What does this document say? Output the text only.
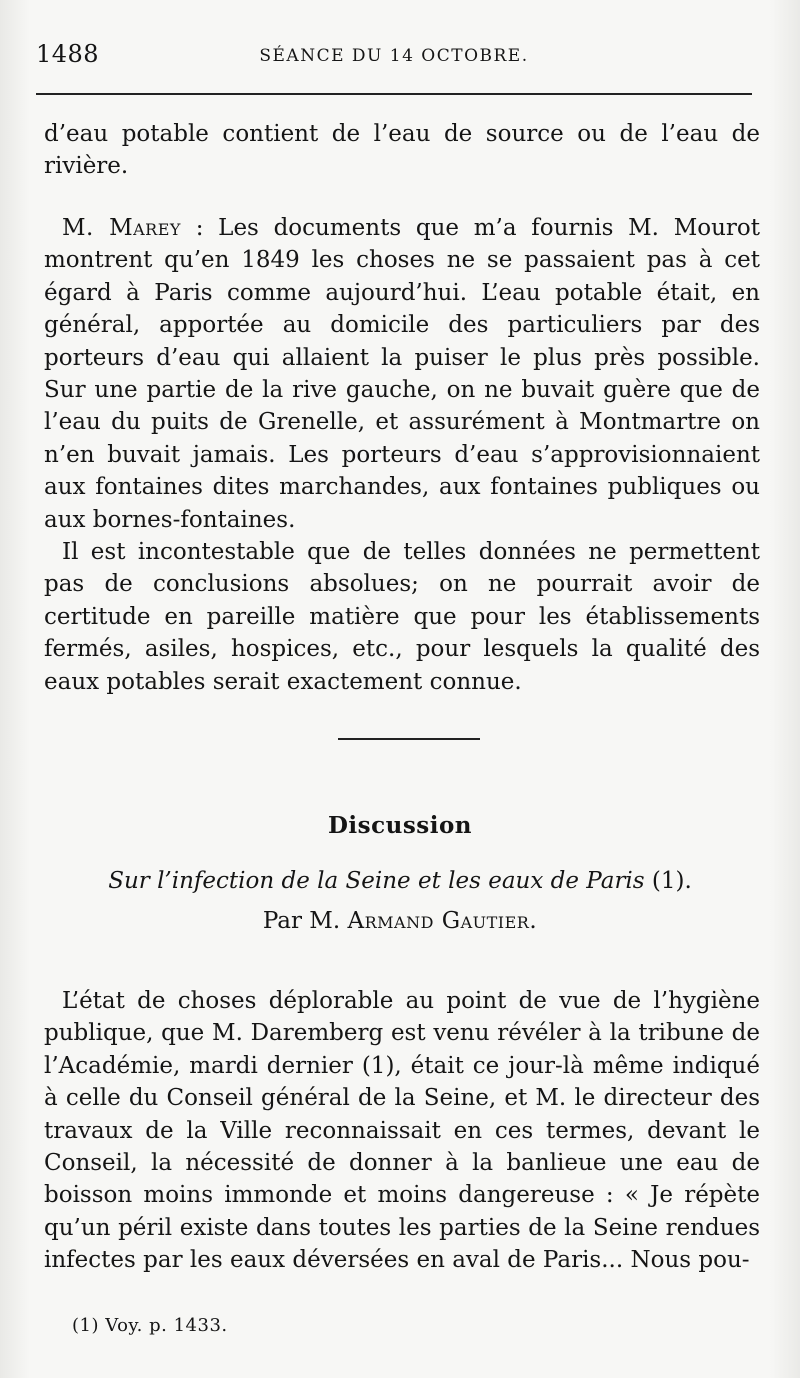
1488	SÉANCE DU 14 OCTOBRE.

d’eau potable contient de l’eau de source ou de l’eau de rivière.

M. Marey : Les documents que m’a fournis M. Mourot montrent qu’en 1849 les choses ne se passaient pas à cet égard à Paris comme aujourd’hui. L’eau potable était, en général, apportée au domicile des particuliers par des porteurs d’eau qui allaient la puiser le plus près possible. Sur une partie de la rive gauche, on ne buvait guère que de l’eau du puits de Grenelle, et assurément à Montmartre on n’en buvait jamais. Les porteurs d’eau s’approvisionnaient aux fontaines dites marchandes, aux fontaines publiques ou aux bornes-fontaines.

Il est incontestable que de telles données ne permettent pas de conclusions absolues; on ne pourrait avoir de certitude en pareille matière que pour les établissements fermés, asiles, hospices, etc., pour lesquels la qualité des eaux potables serait exactement connue.

Discussion
Sur l’infection de la Seine et les eaux de Paris (1).
Par M. Armand Gautier.

L’état de choses déplorable au point de vue de l’hygiène publique, que M. Daremberg est venu révéler à la tribune de l’Académie, mardi dernier (1), était ce jour-là même indiqué à celle du Conseil général de la Seine, et M. le directeur des travaux de la Ville reconnaissait en ces termes, devant le Conseil, la nécessité de donner à la banlieue une eau de boisson moins immonde et moins dangereuse : « Je répète qu’un péril existe dans toutes les parties de la Seine rendues infectes par les eaux déversées en aval de Paris... Nous pou-

(1) Voy. p. 1433.
